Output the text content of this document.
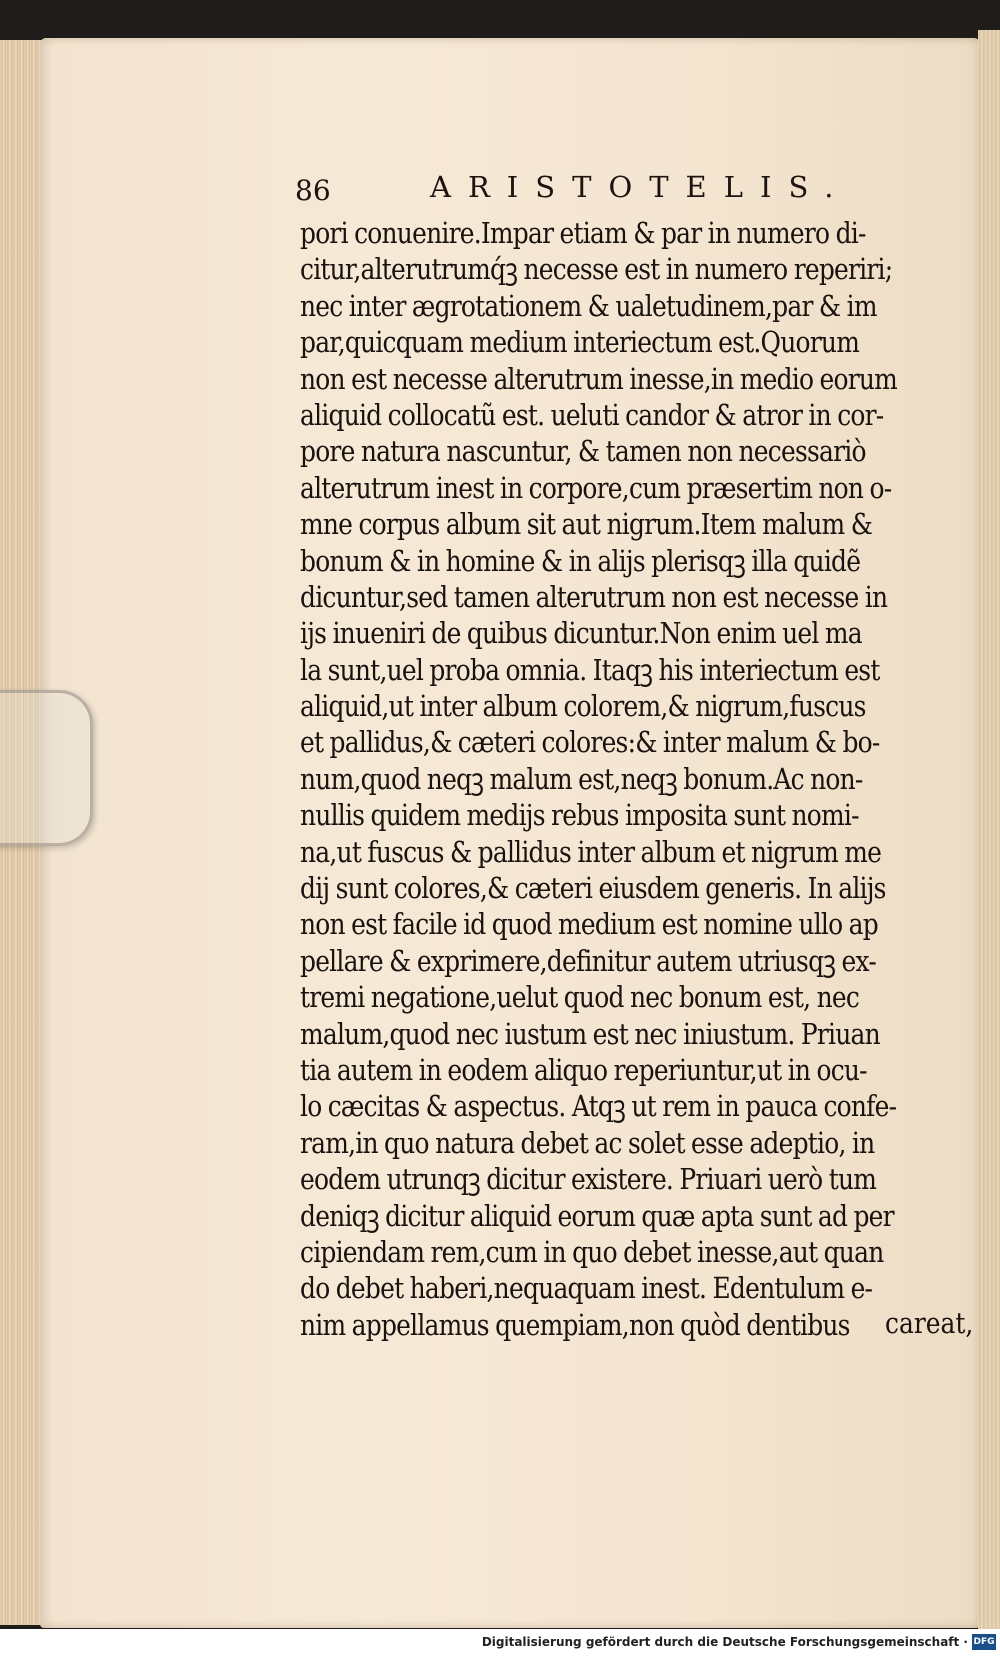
86	ARISTOTELIS.
pori conuenire.Impar etiam & par in numero di-
citur,alterutrumq́ꝫ necesse est in numero reperiri;
nec inter ægrotationem & ualetudinem,par & im
par,quicquam medium interiectum est.Quorum
non est necesse alterutrum inesse,in medio eorum
aliquid collocatũ est. ueluti candor & atror in cor-
pore natura nascuntur, & tamen non necessariò
alterutrum inest in corpore,cum præsertim non o-
mne corpus album sit aut nigrum.Item malum &
bonum & in homine & in alijs plerisqꝫ illa quidẽ
dicuntur,sed tamen alterutrum non est necesse in
ijs inueniri de quibus dicuntur.Non enim uel ma
la sunt,uel proba omnia. Itaqꝫ his interiectum est
aliquid,ut inter album colorem,& nigrum,fuscus
et pallidus,& cæteri colores:& inter malum & bo-
num,quod neqꝫ malum est,neqꝫ bonum.Ac non-
nullis quidem medijs rebus imposita sunt nomi-
na,ut fuscus & pallidus inter album et nigrum me
dij sunt colores,& cæteri eiusdem generis. In alijs
non est facile id quod medium est nomine ullo ap
pellare & exprimere,definitur autem utriusqꝫ ex-
tremi negatione,uelut quod nec bonum est, nec
malum,quod nec iustum est nec iniustum. Priuan
tia autem in eodem aliquo reperiuntur,ut in ocu-
lo cæcitas & aspectus. Atqꝫ ut rem in pauca confe-
ram,in quo natura debet ac solet esse adeptio, in
eodem utrunqꝫ dicitur existere. Priuari uerò tum
deniqꝫ dicitur aliquid eorum quæ apta sunt ad per
cipiendam rem,cum in quo debet inesse,aut quan
do debet haberi,nequaquam inest. Edentulum e-
nim appellamus quempiam,non quòd dentibus careat,
Digitalisierung gefördert durch die Deutsche Forschungsgemeinschaft · DFG
